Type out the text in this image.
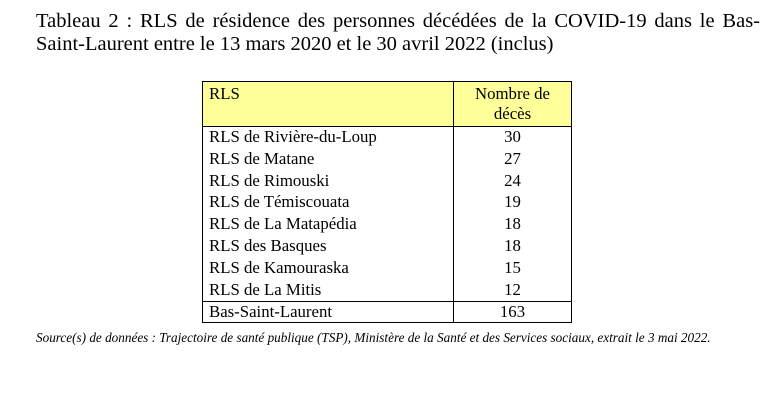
Tableau 2 : RLS de résidence des personnes décédées de la COVID-19 dans le Bas-Saint-Laurent entre le 13 mars 2020 et le 30 avril 2022 (inclus)

RLS	Nombre de
décès
RLS de Rivière-du-Loup	30
RLS de Matane	27
RLS de Rimouski	24
RLS de Témiscouata	19
RLS de La Matapédia	18
RLS des Basques	18
RLS de Kamouraska	15
RLS de La Mitis	12
Bas-Saint-Laurent	163

Source(s) de données : Trajectoire de santé publique (TSP), Ministère de la Santé et des Services sociaux, extrait le 3 mai 2022.
